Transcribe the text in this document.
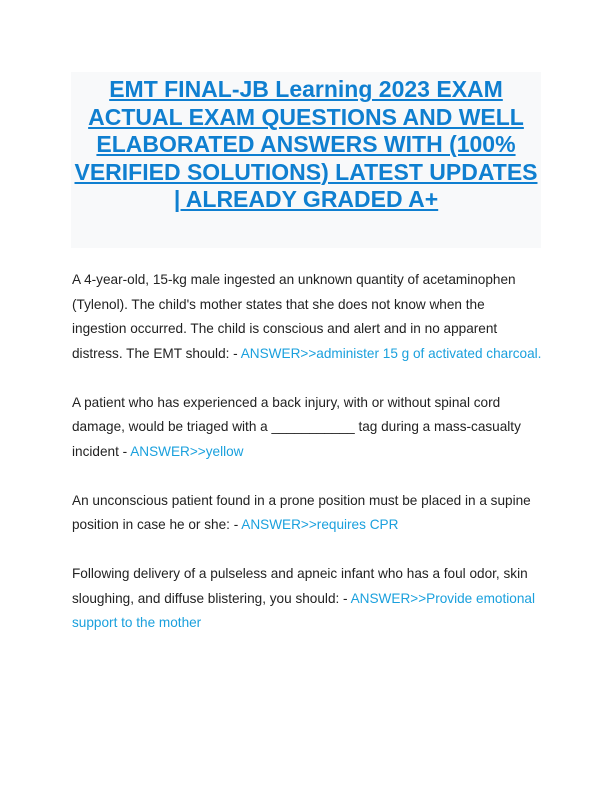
EMT FINAL-JB Learning 2023 EXAM ACTUAL EXAM QUESTIONS AND WELL ELABORATED ANSWERS WITH (100% VERIFIED SOLUTIONS) LATEST UPDATES | ALREADY GRADED A+

A 4-year-old, 15-kg male ingested an unknown quantity of acetaminophen (Tylenol). The child's mother states that she does not know when the ingestion occurred. The child is conscious and alert and in no apparent distress. The EMT should: - ANSWER>>administer 15 g of activated charcoal.

A patient who has experienced a back injury, with or without spinal cord damage, would be triaged with a ___________ tag during a mass-casualty incident - ANSWER>>yellow

An unconscious patient found in a prone position must be placed in a supine position in case he or she: - ANSWER>>requires CPR

Following delivery of a pulseless and apneic infant who has a foul odor, skin sloughing, and diffuse blistering, you should: - ANSWER>>Provide emotional support to the mother
